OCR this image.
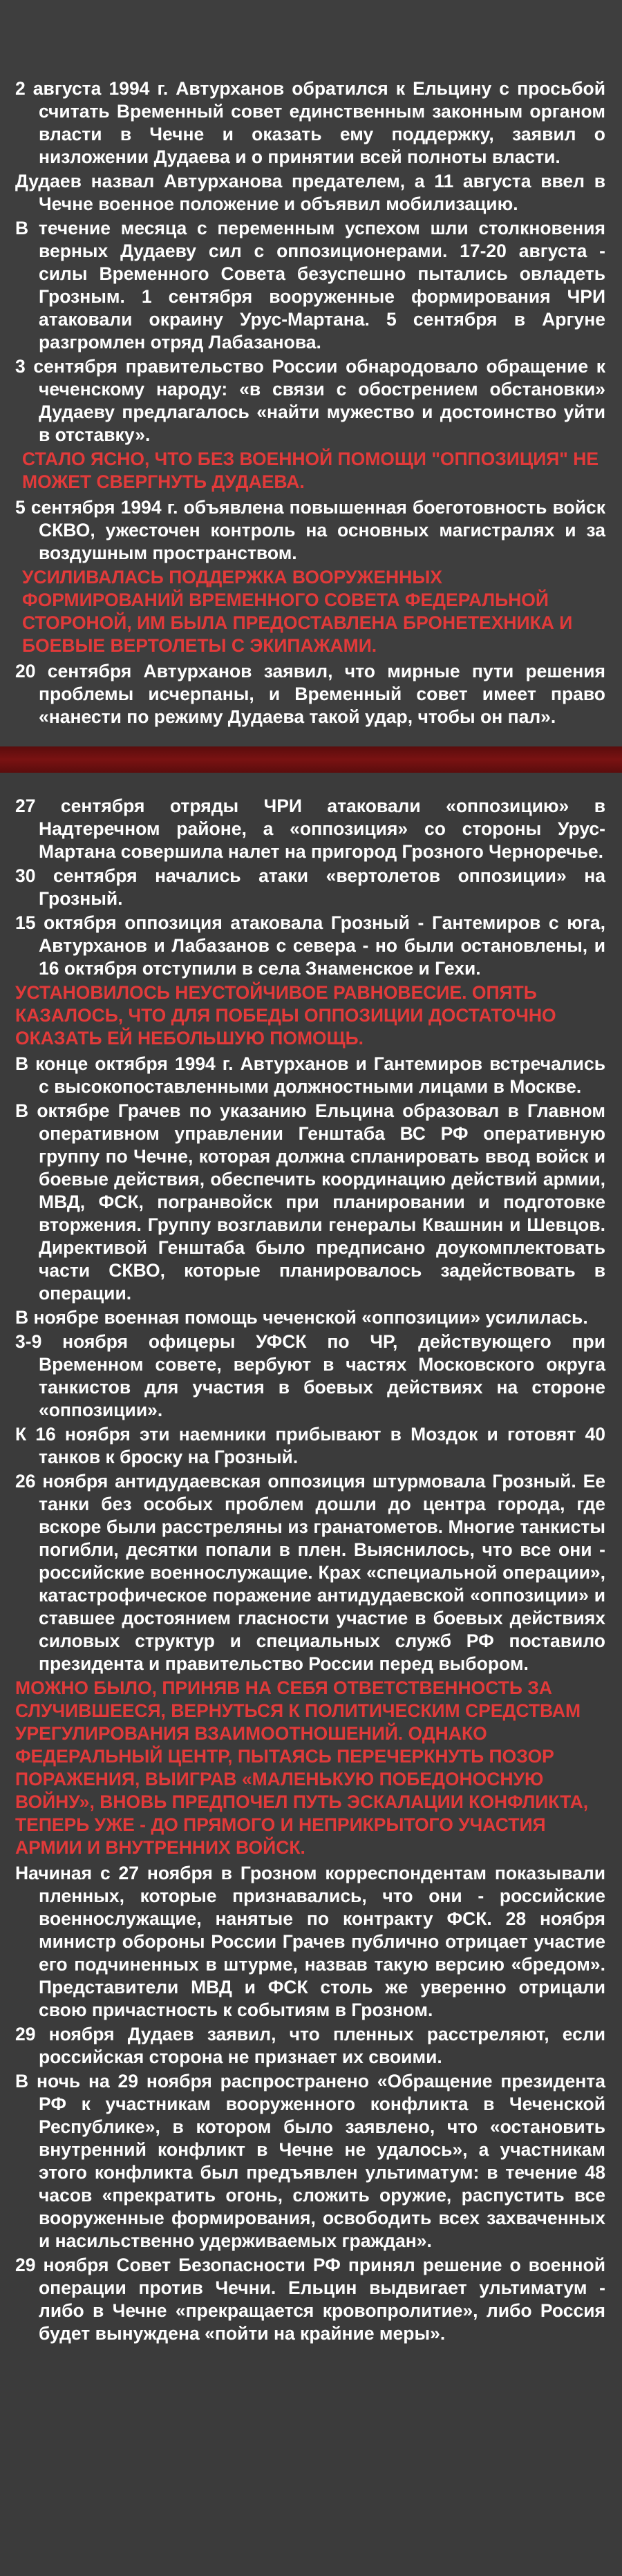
2 августа 1994 г. Автурханов обратился к Ельцину с просьбой считать Временный совет единственным законным органом власти в Чечне и оказать ему поддержку, заявил о низложении Дудаева и о принятии всей полноты власти.

Дудаев назвал Автурханова предателем, а 11 августа ввел в Чечне военное положение и объявил мобилизацию.

В течение месяца с переменным успехом шли столкновения верных Дудаеву сил с оппозиционерами. 17-20 августа - силы Временного Совета безуспешно пытались овладеть Грозным. 1 сентября вооруженные формирования ЧРИ атаковали окраину Урус-Мартана. 5 сентября в Аргуне разгромлен отряд Лабазанова.

3 сентября правительство России обнародовало обращение к чеченскому народу: «в связи с обострением обстановки» Дудаеву предлагалось «найти мужество и достоинство уйти в отставку».

СТАЛО ЯСНО, ЧТО БЕЗ ВОЕННОЙ ПОМОЩИ "ОППОЗИЦИЯ" НЕ МОЖЕТ СВЕРГНУТЬ ДУДАЕВА.

5 сентября 1994 г. объявлена повышенная боеготовность войск СКВО, ужесточен контроль на основных магистралях и за воздушным пространством.

УСИЛИВАЛАСЬ ПОДДЕРЖКА ВООРУЖЕННЫХ ФОРМИРОВАНИЙ ВРЕМЕННОГО СОВЕТА ФЕДЕРАЛЬНОЙ СТОРОНОЙ, ИМ БЫЛА ПРЕДОСТАВЛЕНА БРОНЕТЕХНИКА И БОЕВЫЕ ВЕРТОЛЕТЫ С ЭКИПАЖАМИ.

20 сентября Автурханов заявил, что мирные пути решения проблемы исчерпаны, и Временный совет имеет право «нанести по режиму Дудаева такой удар, чтобы он пал».

27 сентября отряды ЧРИ атаковали «оппозицию» в Надтеречном районе, а «оппозиция» со стороны Урус-Мартана совершила налет на пригород Грозного Черноречье.

30 сентября начались атаки «вертолетов оппозиции» на Грозный.

15 октября оппозиция атаковала Грозный - Гантемиров с юга, Автурханов и Лабазанов с севера - но были остановлены, и 16 октября отступили в села Знаменское и Гехи.

УСТАНОВИЛОСЬ НЕУСТОЙЧИВОЕ РАВНОВЕСИЕ. ОПЯТЬ КАЗАЛОСЬ, ЧТО ДЛЯ ПОБЕДЫ ОППОЗИЦИИ ДОСТАТОЧНО ОКАЗАТЬ ЕЙ НЕБОЛЬШУЮ ПОМОЩЬ.

В конце октября 1994 г. Автурханов и Гантемиров встречались с высокопоставленными должностными лицами в Москве.

В октябре Грачев по указанию Ельцина образовал в Главном оперативном управлении Генштаба ВС РФ оперативную группу по Чечне, которая должна спланировать ввод войск и боевые действия, обеспечить координацию действий армии, МВД, ФСК, погранвойск при планировании и подготовке вторжения. Группу возглавили генералы Квашнин и Шевцов. Директивой Генштаба было предписано доукомплектовать части СКВО, которые планировалось задействовать в операции.

В ноябре военная помощь чеченской «оппозиции» усилилась.

3-9 ноября офицеры УФСК по ЧР, действующего при Временном совете, вербуют в частях Московского округа танкистов для участия в боевых действиях на стороне «оппозиции».

К 16 ноября эти наемники прибывают в Моздок и готовят 40 танков к броску на Грозный.

26 ноября антидудаевская оппозиция штурмовала Грозный. Ее танки без особых проблем дошли до центра города, где вскоре были расстреляны из гранатометов. Многие танкисты погибли, десятки попали в плен. Выяснилось, что все они - российские военнослужащие. Крах «специальной операции», катастрофическое поражение антидудаевской «оппозиции» и ставшее достоянием гласности участие в боевых действиях силовых структур и специальных служб РФ поставило президента и правительство России перед выбором.

МОЖНО БЫЛО, ПРИНЯВ НА СЕБЯ ОТВЕТСТВЕННОСТЬ ЗА СЛУЧИВШЕЕСЯ, ВЕРНУТЬСЯ К ПОЛИТИЧЕСКИМ СРЕДСТВАМ УРЕГУЛИРОВАНИЯ ВЗАИМООТНОШЕНИЙ. ОДНАКО ФЕДЕРАЛЬНЫЙ ЦЕНТР, ПЫТАЯСЬ ПЕРЕЧЕРКНУТЬ ПОЗОР ПОРАЖЕНИЯ, ВЫИГРАВ «МАЛЕНЬКУЮ ПОБЕДОНОСНУЮ ВОЙНУ», ВНОВЬ ПРЕДПОЧЕЛ ПУТЬ ЭСКАЛАЦИИ КОНФЛИКТА, ТЕПЕРЬ УЖЕ - ДО ПРЯМОГО И НЕПРИКРЫТОГО УЧАСТИЯ АРМИИ И ВНУТРЕННИХ ВОЙСК.

Начиная с 27 ноября в Грозном корреспондентам показывали пленных, которые признавались, что они - российские военнослужащие, нанятые по контракту ФСК. 28 ноября министр обороны России Грачев публично отрицает участие его подчиненных в штурме, назвав такую версию «бредом». Представители МВД и ФСК столь же уверенно отрицали свою причастность к событиям в Грозном.

29 ноября Дудаев заявил, что пленных расстреляют, если российская сторона не признает их своими.

В ночь на 29 ноября распространено «Обращение президента РФ к участникам вооруженного конфликта в Чеченской Республике», в котором было заявлено, что «остановить внутренний конфликт в Чечне не удалось», а участникам этого конфликта был предъявлен ультиматум: в течение 48 часов «прекратить огонь, сложить оружие, распустить все вооруженные формирования, освободить всех захваченных и насильственно удерживаемых граждан».

29 ноября Совет Безопасности РФ принял решение о военной операции против Чечни. Ельцин выдвигает ультиматум - либо в Чечне «прекращается кровопролитие», либо Россия будет вынуждена «пойти на крайние меры».
